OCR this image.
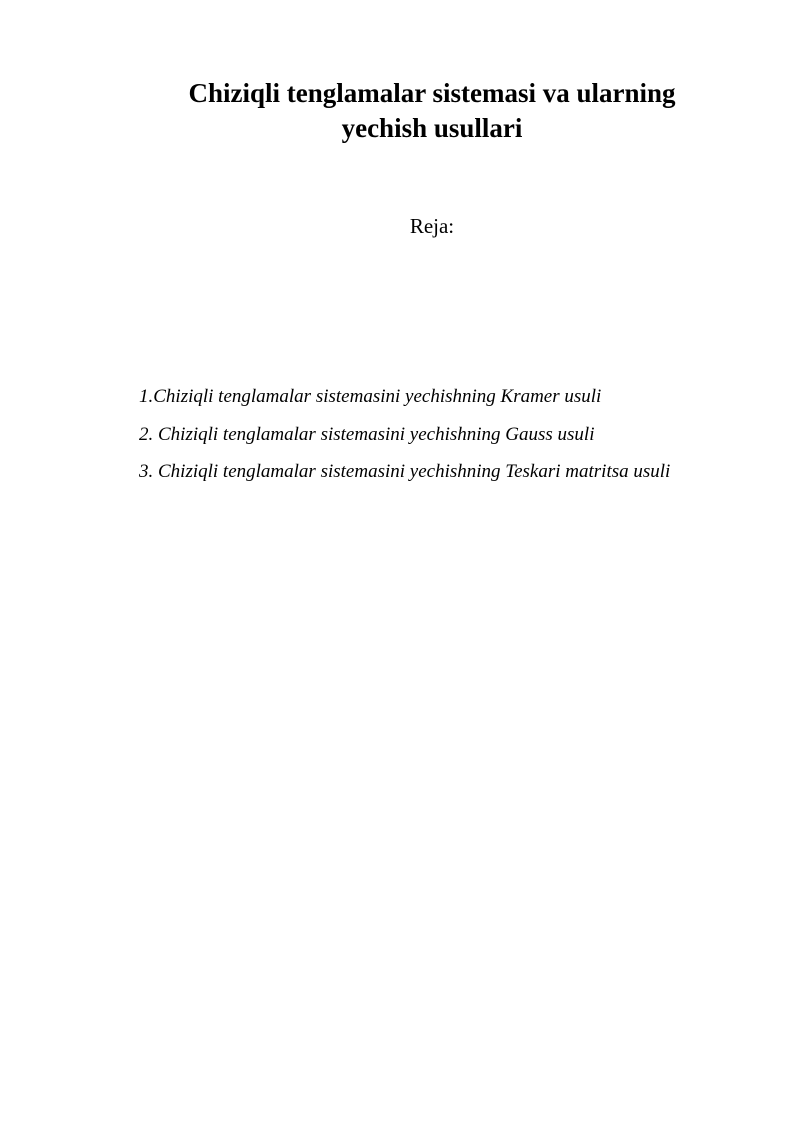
Chiziqli tenglamalar sistemasi va ularning
yechish usullari
Reja:
1.Chiziqli tenglamalar sistemasini yechishning Kramer usuli
2. Chiziqli tenglamalar sistemasini yechishning Gauss usuli
3. Chiziqli tenglamalar sistemasini yechishning Teskari matritsa usuli
